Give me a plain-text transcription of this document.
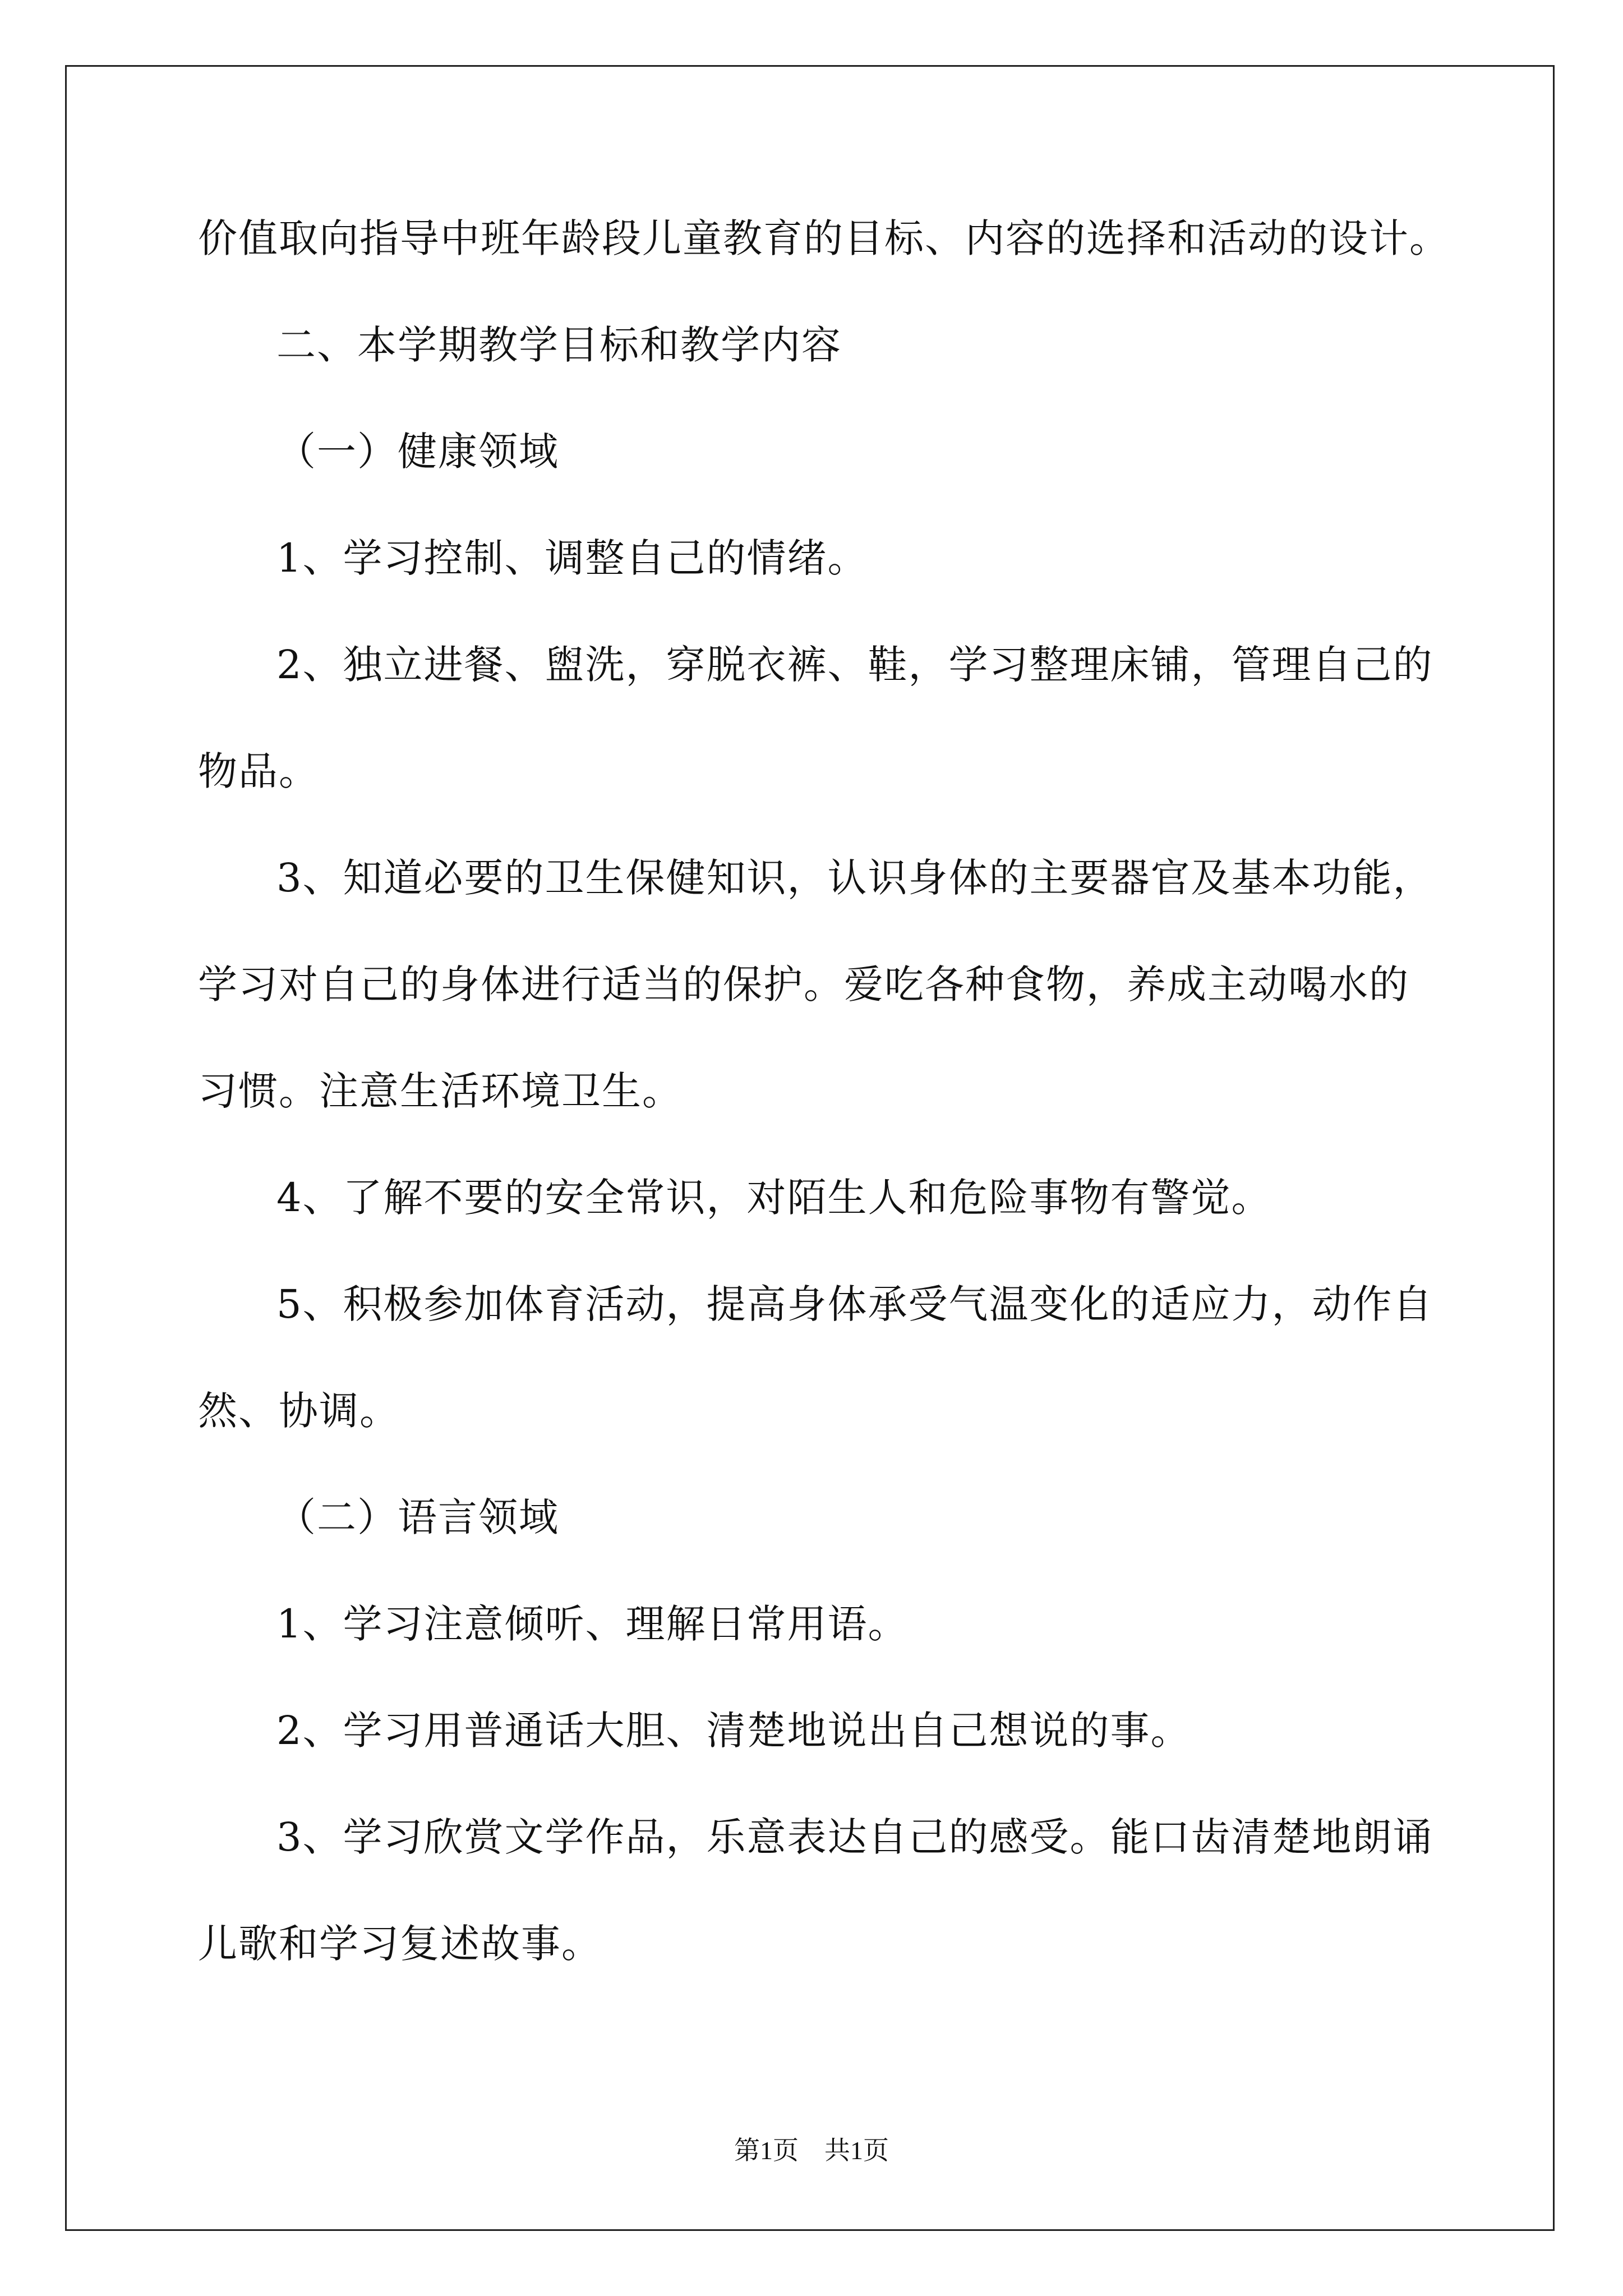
价值取向指导中班年龄段儿童教育的目标、内容的选择和活动的设计。
二、本学期教学目标和教学内容
（一）健康领域
1、学习控制、调整自己的情绪。
2、独立进餐、盥洗，穿脱衣裤、鞋，学习整理床铺，管理自己的
物品。
3、知道必要的卫生保健知识，认识身体的主要器官及基本功能，
学习对自己的身体进行适当的保护。爱吃各种食物，养成主动喝水的
习惯。注意生活环境卫生。
4、了解不要的安全常识，对陌生人和危险事物有警觉。
5、积极参加体育活动，提高身体承受气温变化的适应力，动作自
然、协调。
（二）语言领域
1、学习注意倾听、理解日常用语。
2、学习用普通话大胆、清楚地说出自己想说的事。
3、学习欣赏文学作品，乐意表达自己的感受。能口齿清楚地朗诵
儿歌和学习复述故事。
第1页　共1页
